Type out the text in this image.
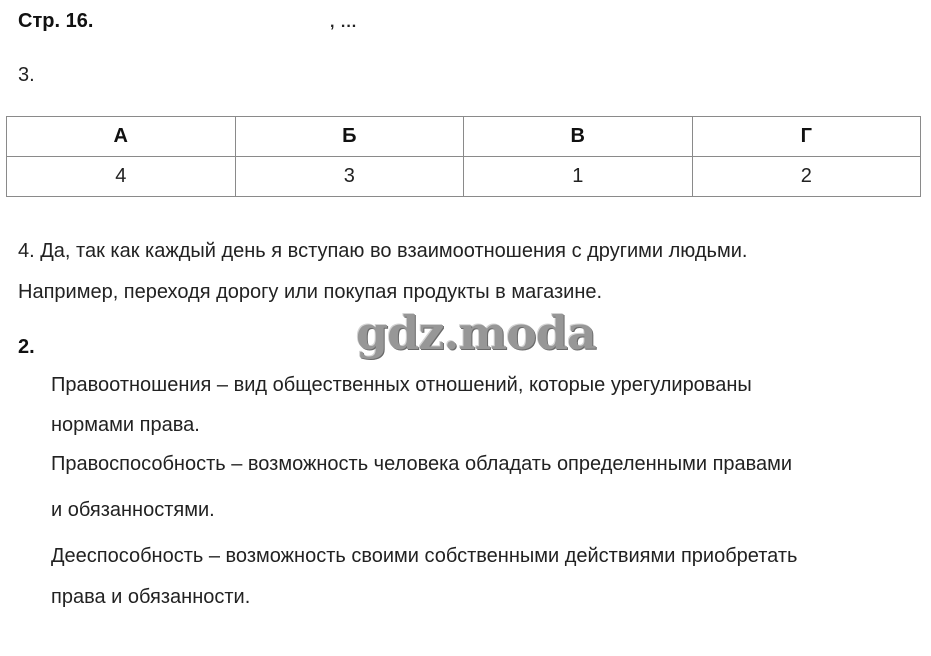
Стр. 16.	, ...
3.
А	Б	В	Г
4	3	1	2
4. Да, так как каждый день я вступаю во взаимоотношения с другими людьми.
Например, переходя дорогу или покупая продукты в магазине.
gdz.moda
2.
Правоотношения – вид общественных отношений, которые урегулированы
нормами права.
Правоспособность – возможность человека обладать определенными правами
и обязанностями.
Дееспособность – возможность своими собственными действиями приобретать
права и обязанности.
